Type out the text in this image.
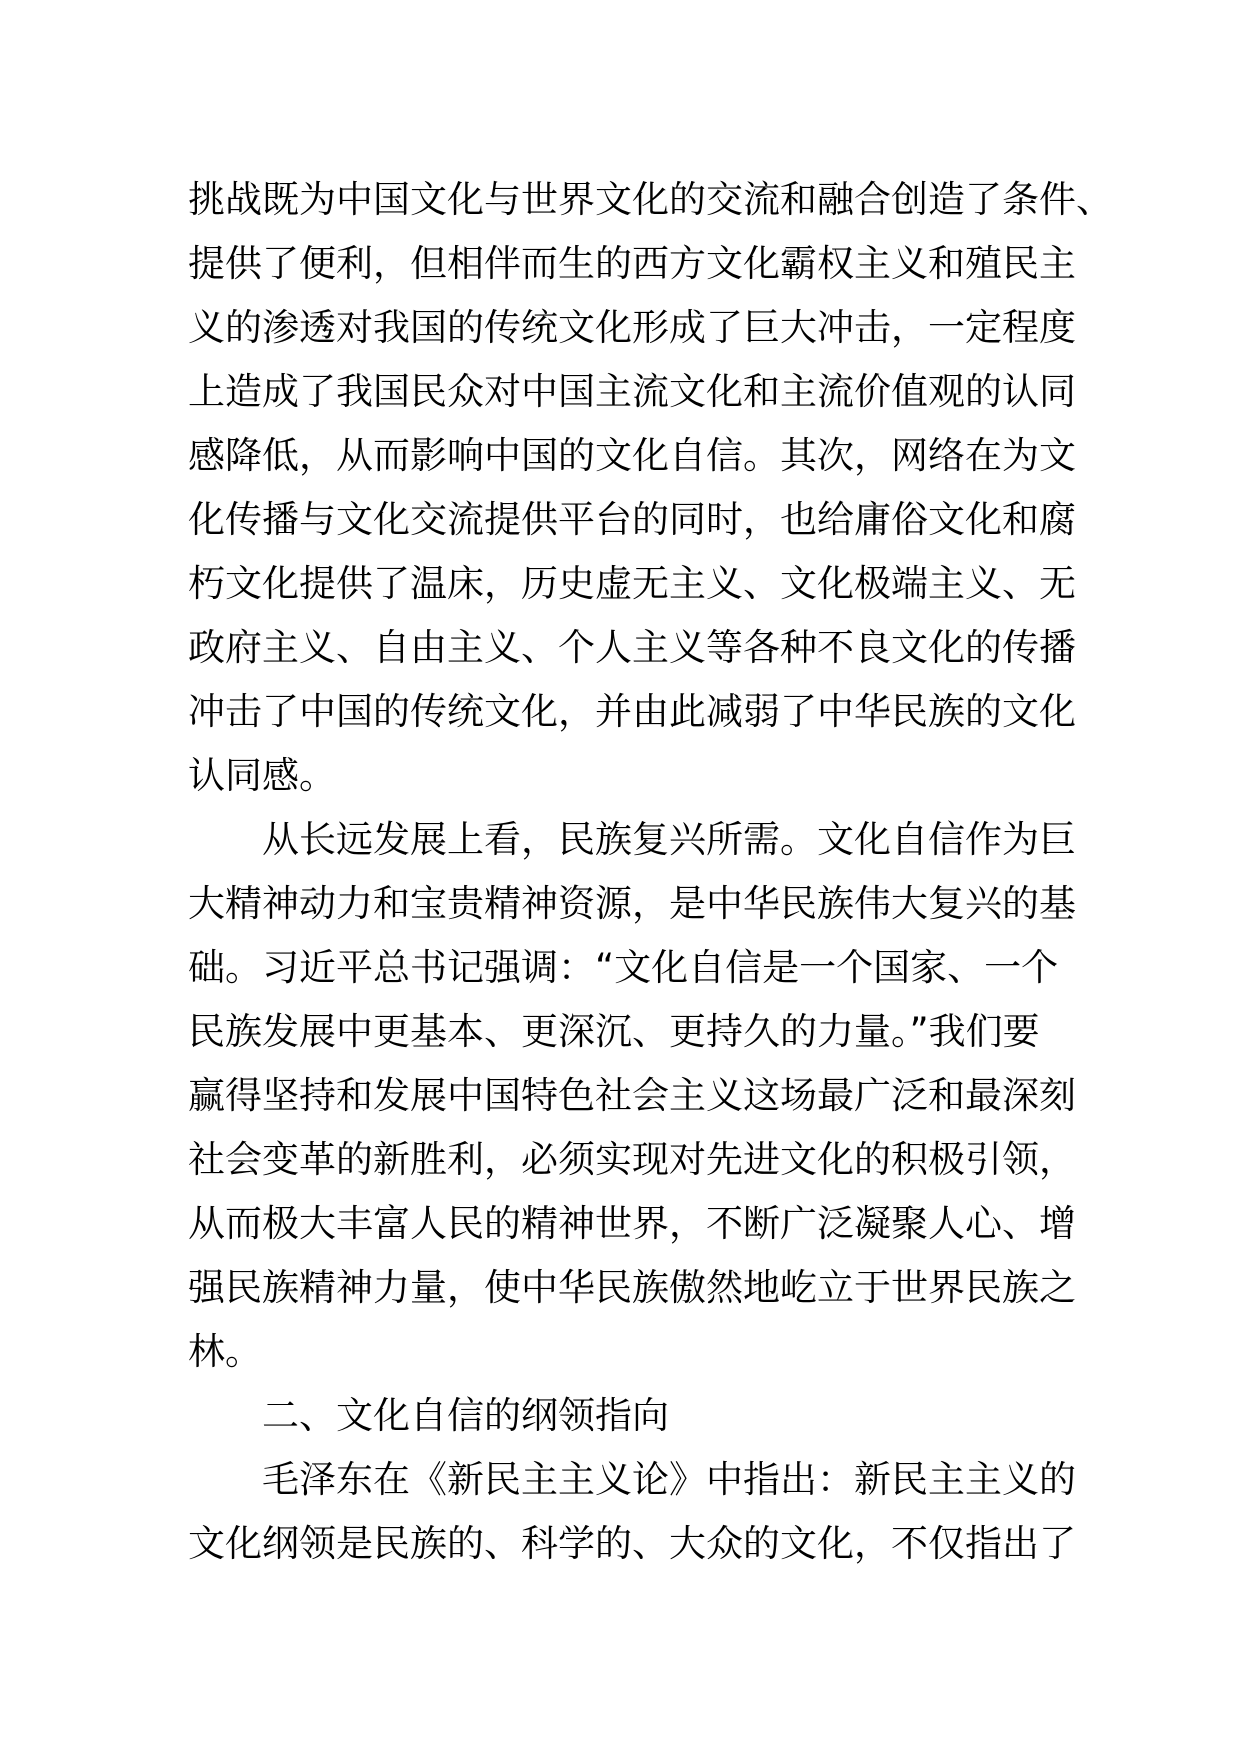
挑战既为中国文化与世界文化的交流和融合创造了条件、
提供了便利，但相伴而生的西方文化霸权主义和殖民主
义的渗透对我国的传统文化形成了巨大冲击，一定程度
上造成了我国民众对中国主流文化和主流价值观的认同
感降低，从而影响中国的文化自信。其次，网络在为文
化传播与文化交流提供平台的同时，也给庸俗文化和腐
朽文化提供了温床，历史虚无主义、文化极端主义、无
政府主义、自由主义、个人主义等各种不良文化的传播
冲击了中国的传统文化，并由此减弱了中华民族的文化
认同感。
从长远发展上看，民族复兴所需。文化自信作为巨
大精神动力和宝贵精神资源，是中华民族伟大复兴的基
础。习近平总书记强调：“文化自信是一个国家、一个
民族发展中更基本、更深沉、更持久的力量。”我们要
赢得坚持和发展中国特色社会主义这场最广泛和最深刻
社会变革的新胜利，必须实现对先进文化的积极引领，
从而极大丰富人民的精神世界，不断广泛凝聚人心、增
强民族精神力量，使中华民族傲然地屹立于世界民族之
林。
二、文化自信的纲领指向
毛泽东在《新民主主义论》中指出：新民主主义的
文化纲领是民族的、科学的、大众的文化，不仅指出了
